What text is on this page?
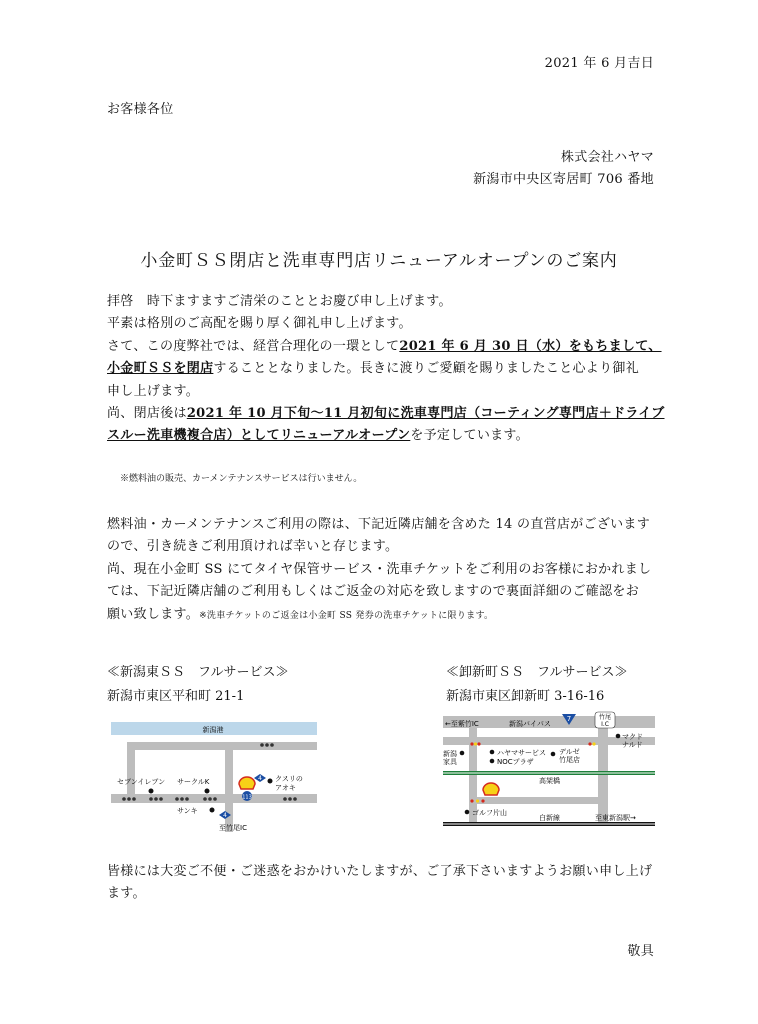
2021 年 6 月吉日
お客様各位
株式会社ハヤマ
新潟市中央区寄居町 706 番地
小金町ＳＳ閉店と洗車専門店リニューアルオープンのご案内
拝啓　時下ますますご清栄のこととお慶び申し上げます。
平素は格別のご高配を賜り厚く御礼申し上げます。
さて、この度弊社では、経営合理化の一環として2021 年 6 月 30 日（水）をもちまして、
小金町ＳＳを閉店することとなりました。長きに渡りご愛顧を賜りましたこと心より御礼
申し上げます。
尚、閉店後は2021 年 10 月下旬～11 月初旬に洗車専門店（コーティング専門店＋ドライブ
スルー洗車機複合店）としてリニューアルオープンを予定しています。
※燃料油の販売、カーメンテナンスサービスは行いません。
燃料油・カーメンテナンスご利用の際は、下記近隣店舗を含めた 14 の直営店がございます
ので、引き続きご利用頂ければ幸いと存じます。
尚、現在小金町 SS にてタイヤ保管サービス・洗車チケットをご利用のお客様におかれまし
ては、下記近隣店舗のご利用もしくはご返金の対応を致しますので裏面詳細のご確認をお
願い致します。※洗車チケットのご返金は小金町 SS 発券の洗車チケットに限ります。
≪新潟東ＳＳ　フルサービス≫
新潟市東区平和町 21-1
≪卸新町ＳＳ　フルサービス≫
新潟市東区卸新町 3-16-16
新潟港
セブンイレブン サークルK	クスリの
アオキ
サンキ
4
113
4
至竹尾IC
←至紫竹IC	新潟バイパス
7	竹尾
I.C
マクド
ナルド
新潟
家具
ハヤマサービス
NOCプラザ
デルゼ
竹尾店
高架橋
ゴルフ片山
白新線	至東新潟駅→
皆様には大変ご不便・ご迷惑をおかけいたしますが、ご了承下さいますようお願い申し上げ
ます。
敬具
